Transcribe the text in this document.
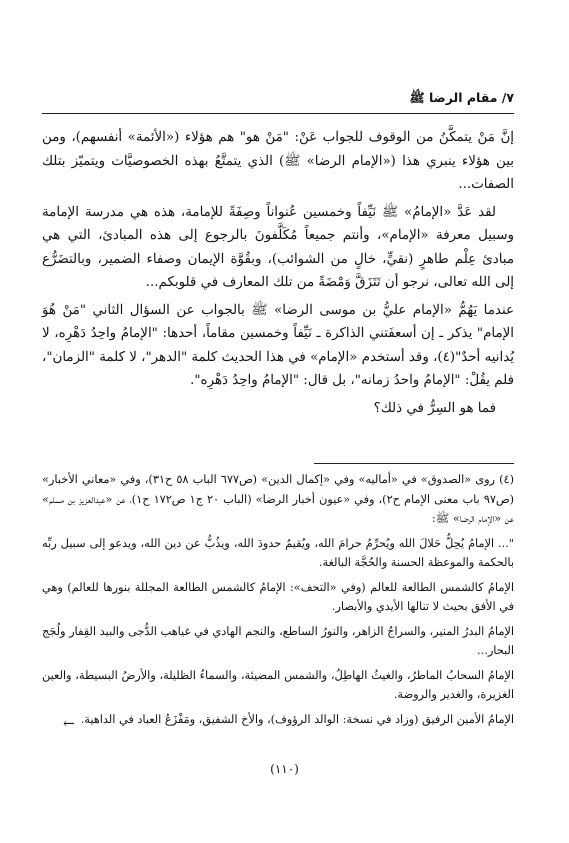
٧/ مقام الرضا ﷺ

إنَّ مَنْ يتمكَّنُ من الوقوف للجواب عَنْ: "مَنْ هو" هم هؤلاء («الأئمة» أنفسهم)، ومن بين هؤلاء ينبري هذا («الإمام الرضا» ﷺ) الذي يتمتَّعُ بهذه الخصوصيَّات ويتميّز بتلك الصفات...

لقد عَدَّ «الإمامُ» ﷺ نَيِّفاً وخمسين عُنواناً وصِفَةً للإمامة، هذه هي مدرسة الإمامة وسبيل معرفة «الإمام»، وأنتم جميعاً مُكَلَّفونَ بالرجوع إلى هذه المبادئ، التي هي مبادئ عِلْم طاهرٍ (نقيٍّ، خالٍ من الشوائب)، وبقُوَّة الإيمان وصفاء الضمير، وبالتضَرُّع إلى الله تعالى، نرجو أن تَتَزَقَّ وَمْضَةً من تلك المعارف في قلوبكم...

عندما يَهُمُّ «الإمام عليُّ بن موسى الرضا» ﷺ بالجواب عن السؤال الثاني "مَنْ هُوَ الإمام" يذكر ـ إن أسعفَتني الذاكرة ـ نَيِّفاً وخمسين مقاماً، أحدها: "الإمامُ واحِدُ دَهْرِه، لا يُدانيه أحدٌ"(٤)، وقد أستخدم «الإمام» في هذا الحديث كلمة "الدهر"، لا كلمة "الزمان"، فلم يقُلْ: "الإمامُ واحدُ زمانه"، بل قال: "الإمامُ واحِدُ دَهْرِه".

فما هو السِرُّ في ذلك؟

(٤) روى «الصدوق» في «أماليه» وفي «إكمال الدين» (ص٦٧٧ الباب ٥٨ ح٣١)، وفي «معاني الأخبار» (ص٩٧ باب معنى الإمام ح٢)، وفي «عيون أخبار الرضا» (الباب ٢٠ ج١ ص١٧٢ ح١)، عن «عبدالعزيز بن مسلم» عن «الإمام الرضا» ﷺ:

"... الإمامُ يُحِلُّ حَلالَ الله ويُحرِّمُ حرامَ الله، ويُقيمُ حدودَ الله، ويذُبُّ عن دين الله، ويدعو إلى سبيل ربِّه بالحكمة والموعظة الحسنة والحُجَّة البالغة.

الإمامُ كالشمس الطالعة للعالم (وفي «التحف»: الإمامُ كالشمس الطالعة المجللة بنورها للعالم) وهي في الأفق بحيث لا تنالها الأيدي والأبصار.

الإمامُ البدرُ المنير، والسراجُ الزاهر، والنورُ الساطع، والنجم الهادي في غياهب الدُّجى والبيد القِفار ولُجَج البحار...

الإمامُ السحابُ الماطرُ، والغيثُ الهاطِلُ، والشمس المضيئة، والسماءُ الظليلة، والأرضُ البسيطة، والعين الغزيرة، والغدير والروضة.

الإمامُ الأمين الرفيق (وزاد في نسخة: الوالد الرؤوف)، والأخ الشفيق، ومَفْزَعُ العباد في الداهية.

←
(١١٠)
